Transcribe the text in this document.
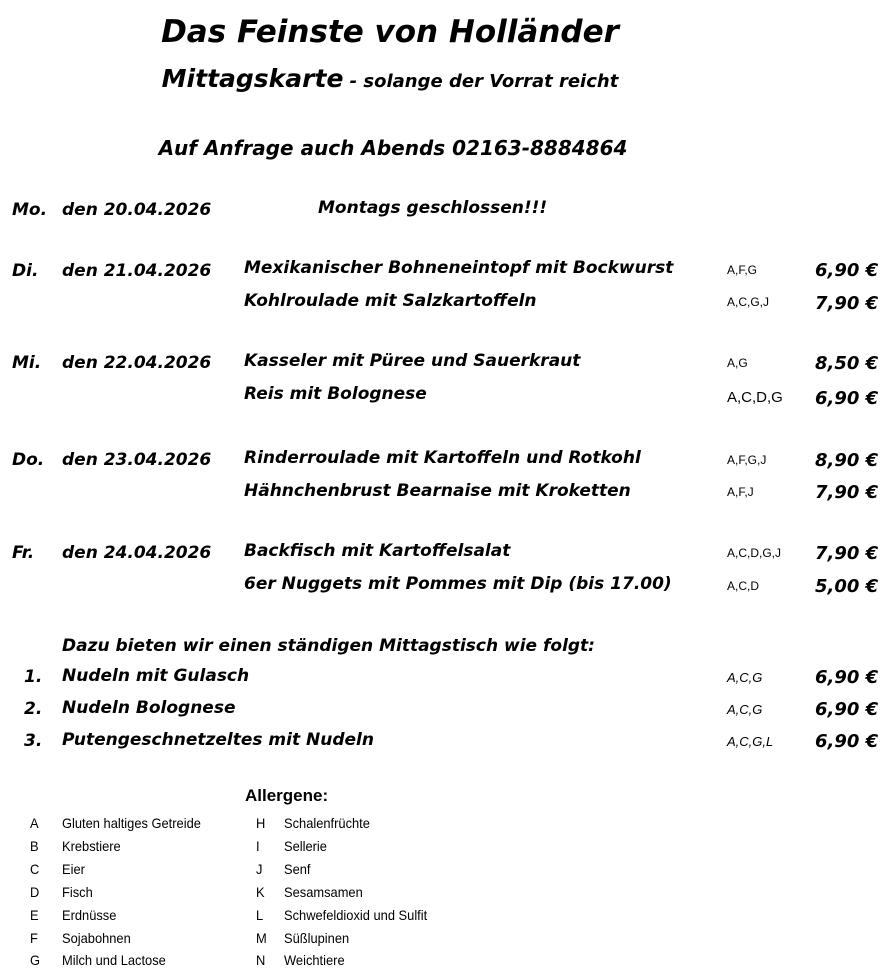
Das Feinste von Holländer
Mittagskarte - solange der Vorrat reicht
Auf Anfrage auch Abends 02163-8884864
Mo. den 20.04.2026	Montags geschlossen!!!
Di. den 21.04.2026 Mexikanischer Bohneneintopf mit Bockwurst	A,F,G	6,90 €
Kohlroulade mit Salzkartoffeln	A,C,G,J	7,90 €
Mi. den 22.04.2026 Kasseler mit Püree und Sauerkraut	A,G	8,50 €
Reis mit Bolognese	A,C,D,G 6,90 €
Do. den 23.04.2026 Rinderroulade mit Kartoffeln und Rotkohl	A,F,G,J	8,90 €
Hähnchenbrust Bearnaise mit Kroketten	A,F,J	7,90 €
Fr. den 24.04.2026 Backfisch mit Kartoffelsalat	A,C,D,G,J 7,90 €
6er Nuggets mit Pommes mit Dip (bis 17.00)	A,C,D	5,00 €
Dazu bieten wir einen ständigen Mittagstisch wie folgt:
1. Nudeln mit Gulasch	A,C,G	6,90 €
2. Nudeln Bolognese	A,C,G	6,90 €
3. Putengeschnetzeltes mit Nudeln	A,C,G,L 6,90 €
Allergene:
A Gluten haltiges Getreide	H Schalenfrüchte
B Krebstiere	I Sellerie
C Eier	J Senf
D Fisch	K Sesamsamen
E Erdnüsse	L Schwefeldioxid und Sulfit
F Sojabohnen	M Süßlupinen
G Milch und Lactose	N Weichtiere
